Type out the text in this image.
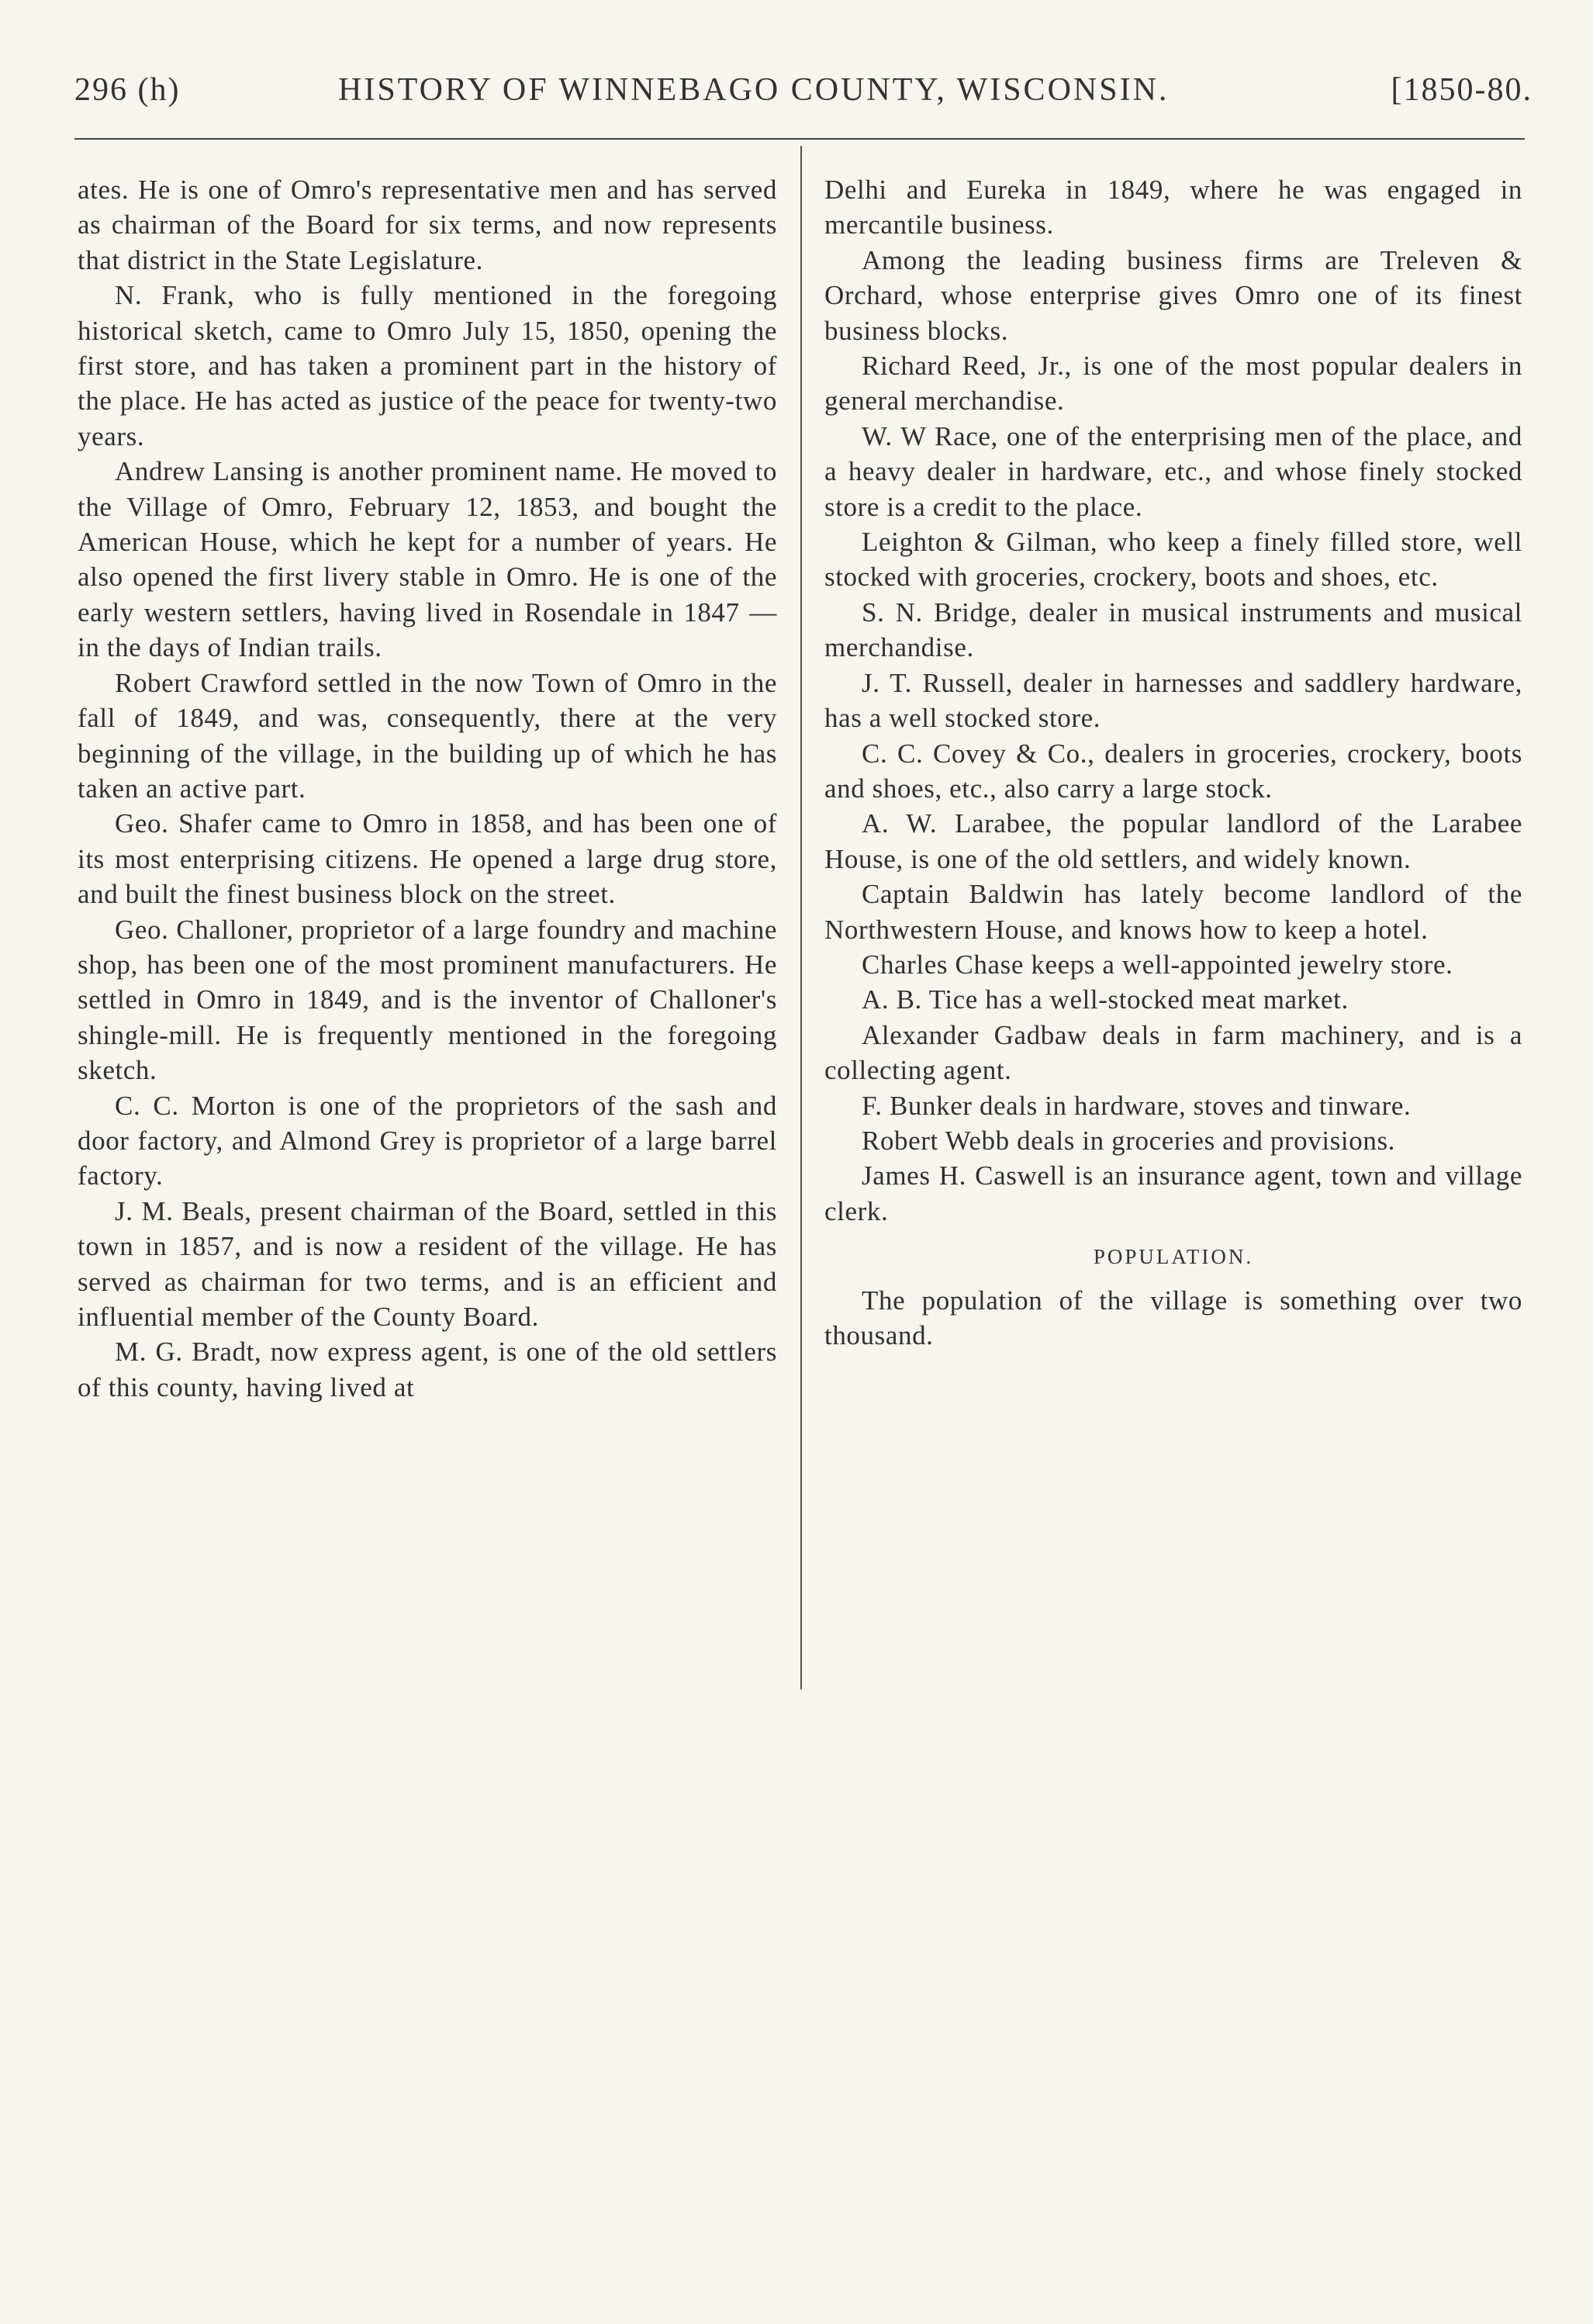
296 (h)	HISTORY OF WINNEBAGO COUNTY, WISCONSIN.	[1850-80.

ates. He is one of Omro's representative men and has served as chairman of the Board for six terms, and now represents that district in the State Legislature.

N. Frank, who is fully mentioned in the foregoing historical sketch, came to Omro July 15, 1850, opening the first store, and has taken a prominent part in the history of the place. He has acted as justice of the peace for twenty-two years.

Andrew Lansing is another prominent name. He moved to the Village of Omro, February 12, 1853, and bought the American House, which he kept for a number of years. He also opened the first livery stable in Omro. He is one of the early western settlers, having lived in Rosendale in 1847 — in the days of Indian trails.

Robert Crawford settled in the now Town of Omro in the fall of 1849, and was, consequently, there at the very beginning of the village, in the building up of which he has taken an active part.

Geo. Shafer came to Omro in 1858, and has been one of its most enterprising citizens. He opened a large drug store, and built the finest business block on the street.

Geo. Challoner, proprietor of a large foundry and machine shop, has been one of the most prominent manufacturers. He settled in Omro in 1849, and is the inventor of Challoner's shingle-mill. He is frequently mentioned in the foregoing sketch.

C. C. Morton is one of the proprietors of the sash and door factory, and Almond Grey is proprietor of a large barrel factory.

J. M. Beals, present chairman of the Board, settled in this town in 1857, and is now a resident of the village. He has served as chairman for two terms, and is an efficient and influential member of the County Board.

M. G. Bradt, now express agent, is one of the old settlers of this county, having lived at

Delhi and Eureka in 1849, where he was engaged in mercantile business.

Among the leading business firms are Treleven & Orchard, whose enterprise gives Omro one of its finest business blocks.

Richard Reed, Jr., is one of the most popular dealers in general merchandise.

W. W Race, one of the enterprising men of the place, and a heavy dealer in hardware, etc., and whose finely stocked store is a credit to the place.

Leighton & Gilman, who keep a finely filled store, well stocked with groceries, crockery, boots and shoes, etc.

S. N. Bridge, dealer in musical instruments and musical merchandise.

J. T. Russell, dealer in harnesses and saddlery hardware, has a well stocked store.

C. C. Covey & Co., dealers in groceries, crockery, boots and shoes, etc., also carry a large stock.

A. W. Larabee, the popular landlord of the Larabee House, is one of the old settlers, and widely known.

Captain Baldwin has lately become landlord of the Northwestern House, and knows how to keep a hotel.

Charles Chase keeps a well-appointed jewelry store.

A. B. Tice has a well-stocked meat market.

Alexander Gadbaw deals in farm machinery, and is a collecting agent.

F. Bunker deals in hardware, stoves and tinware.

Robert Webb deals in groceries and provisions.

James H. Caswell is an insurance agent, town and village clerk.

POPULATION.

The population of the village is something over two thousand.
